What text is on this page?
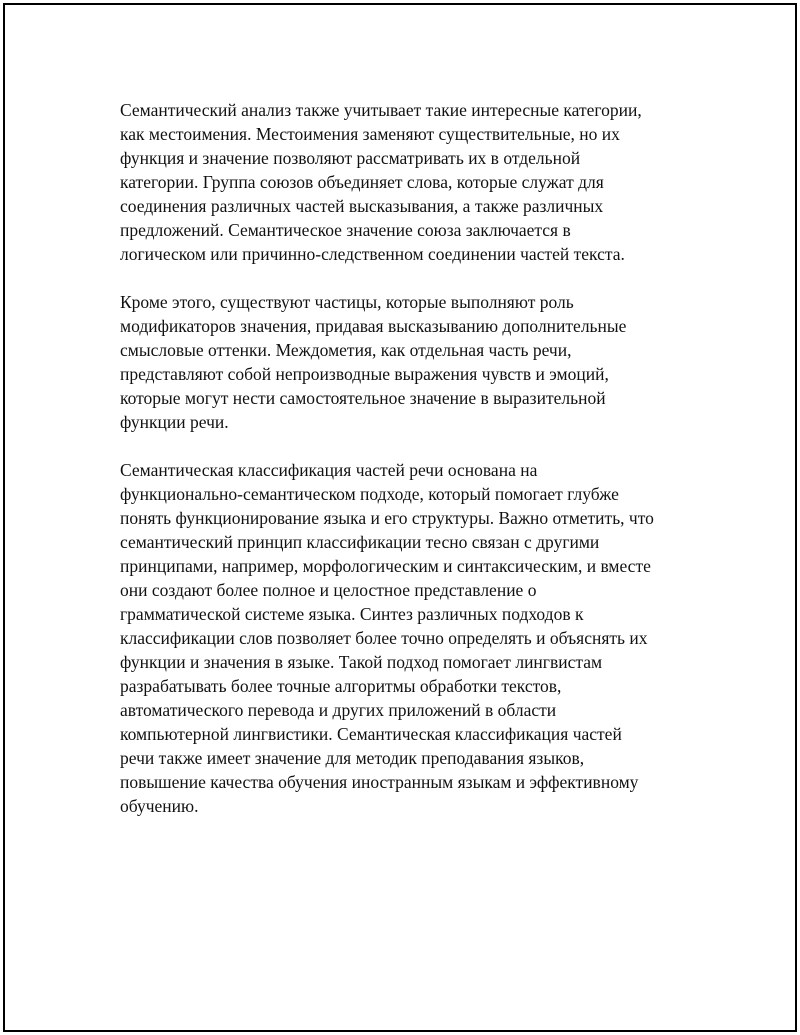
Семантический анализ также учитывает такие интересные категории,
как местоимения. Местоимения заменяют существительные, но их
функция и значение позволяют рассматривать их в отдельной
категории. Группа союзов объединяет слова, которые служат для
соединения различных частей высказывания, а также различных
предложений. Семантическое значение союза заключается в
логическом или причинно-следственном соединении частей текста.

Кроме этого, существуют частицы, которые выполняют роль
модификаторов значения, придавая высказыванию дополнительные
смысловые оттенки. Междометия, как отдельная часть речи,
представляют собой непроизводные выражения чувств и эмоций,
которые могут нести самостоятельное значение в выразительной
функции речи.

Семантическая классификация частей речи основана на
функционально-семантическом подходе, который помогает глубже
понять функционирование языка и его структуры. Важно отметить, что
семантический принцип классификации тесно связан с другими
принципами, например, морфологическим и синтаксическим, и вместе
они создают более полное и целостное представление о
грамматической системе языка. Синтез различных подходов к
классификации слов позволяет более точно определять и объяснять их
функции и значения в языке. Такой подход помогает лингвистам
разрабатывать более точные алгоритмы обработки текстов,
автоматического перевода и других приложений в области
компьютерной лингвистики. Семантическая классификация частей
речи также имеет значение для методик преподавания языков,
повышение качества обучения иностранным языкам и эффективному
обучению.
